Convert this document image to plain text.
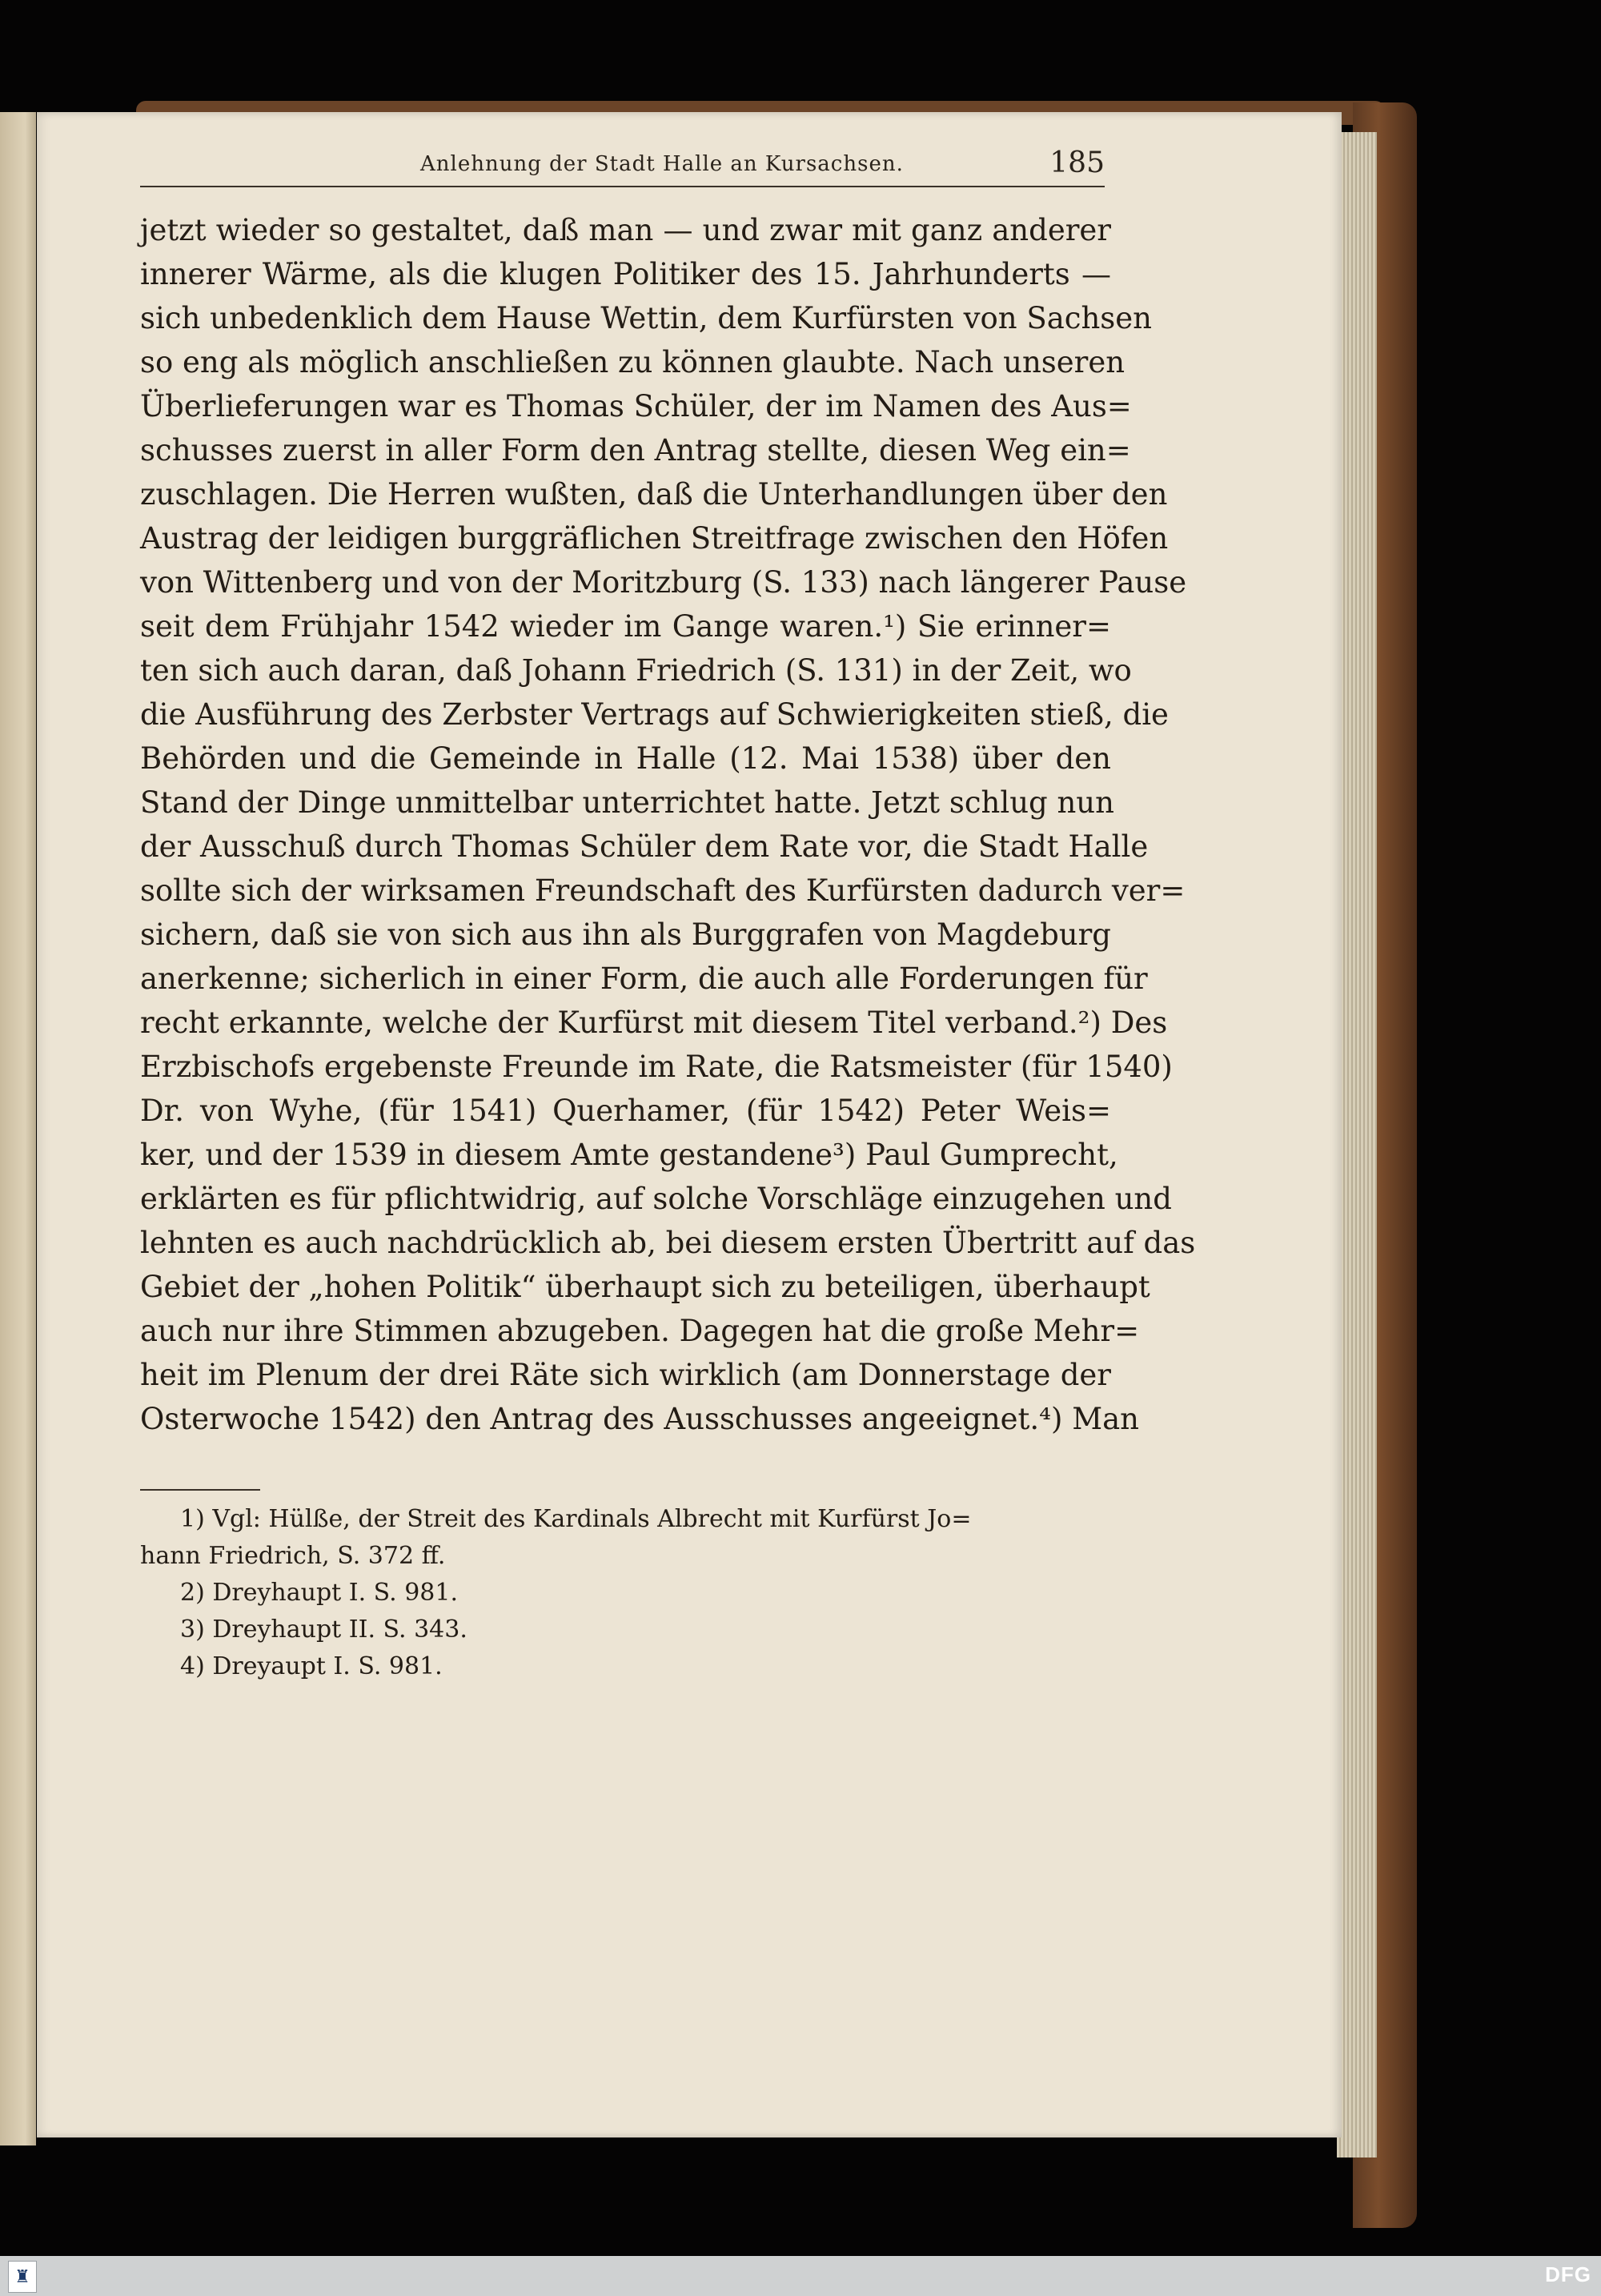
Anlehnung der Stadt Halle an Kursachsen.	185
jetzt wieder so gestaltet, daß man — und zwar mit ganz anderer
innerer Wärme, als die klugen Politiker des 15. Jahrhunderts —
sich unbedenklich dem Hause Wettin, dem Kurfürsten von Sachsen
so eng als möglich anschließen zu können glaubte. Nach unseren
Überlieferungen war es Thomas Schüler, der im Namen des Aus=
schusses zuerst in aller Form den Antrag stellte, diesen Weg ein=
zuschlagen. Die Herren wußten, daß die Unterhandlungen über den
Austrag der leidigen burggräflichen Streitfrage zwischen den Höfen
von Wittenberg und von der Moritzburg (S. 133) nach längerer Pause
seit dem Frühjahr 1542 wieder im Gange waren.¹) Sie erinner=
ten sich auch daran, daß Johann Friedrich (S. 131) in der Zeit, wo
die Ausführung des Zerbster Vertrags auf Schwierigkeiten stieß, die
Behörden und die Gemeinde in Halle (12. Mai 1538) über den
Stand der Dinge unmittelbar unterrichtet hatte. Jetzt schlug nun
der Ausschuß durch Thomas Schüler dem Rate vor, die Stadt Halle
sollte sich der wirksamen Freundschaft des Kurfürsten dadurch ver=
sichern, daß sie von sich aus ihn als Burggrafen von Magdeburg
anerkenne; sicherlich in einer Form, die auch alle Forderungen für
recht erkannte, welche der Kurfürst mit diesem Titel verband.²) Des
Erzbischofs ergebenste Freunde im Rate, die Ratsmeister (für 1540)
Dr. von Wyhe, (für 1541) Querhamer, (für 1542) Peter Weis=
ker, und der 1539 in diesem Amte gestandene³) Paul Gumprecht,
erklärten es für pflichtwidrig, auf solche Vorschläge einzugehen und
lehnten es auch nachdrücklich ab, bei diesem ersten Übertritt auf das
Gebiet der „hohen Politik“ überhaupt sich zu beteiligen, überhaupt
auch nur ihre Stimmen abzugeben. Dagegen hat die große Mehr=
heit im Plenum der drei Räte sich wirklich (am Donnerstage der
Osterwoche 1542) den Antrag des Ausschusses angeeignet.⁴) Man
1) Vgl: Hülße, der Streit des Kardinals Albrecht mit Kurfürst Jo=
hann Friedrich, S. 372 ff.
2) Dreyhaupt I. S. 981.
3) Dreyhaupt II. S. 343.
4) Dreyaupt I. S. 981.
♜	DFG
